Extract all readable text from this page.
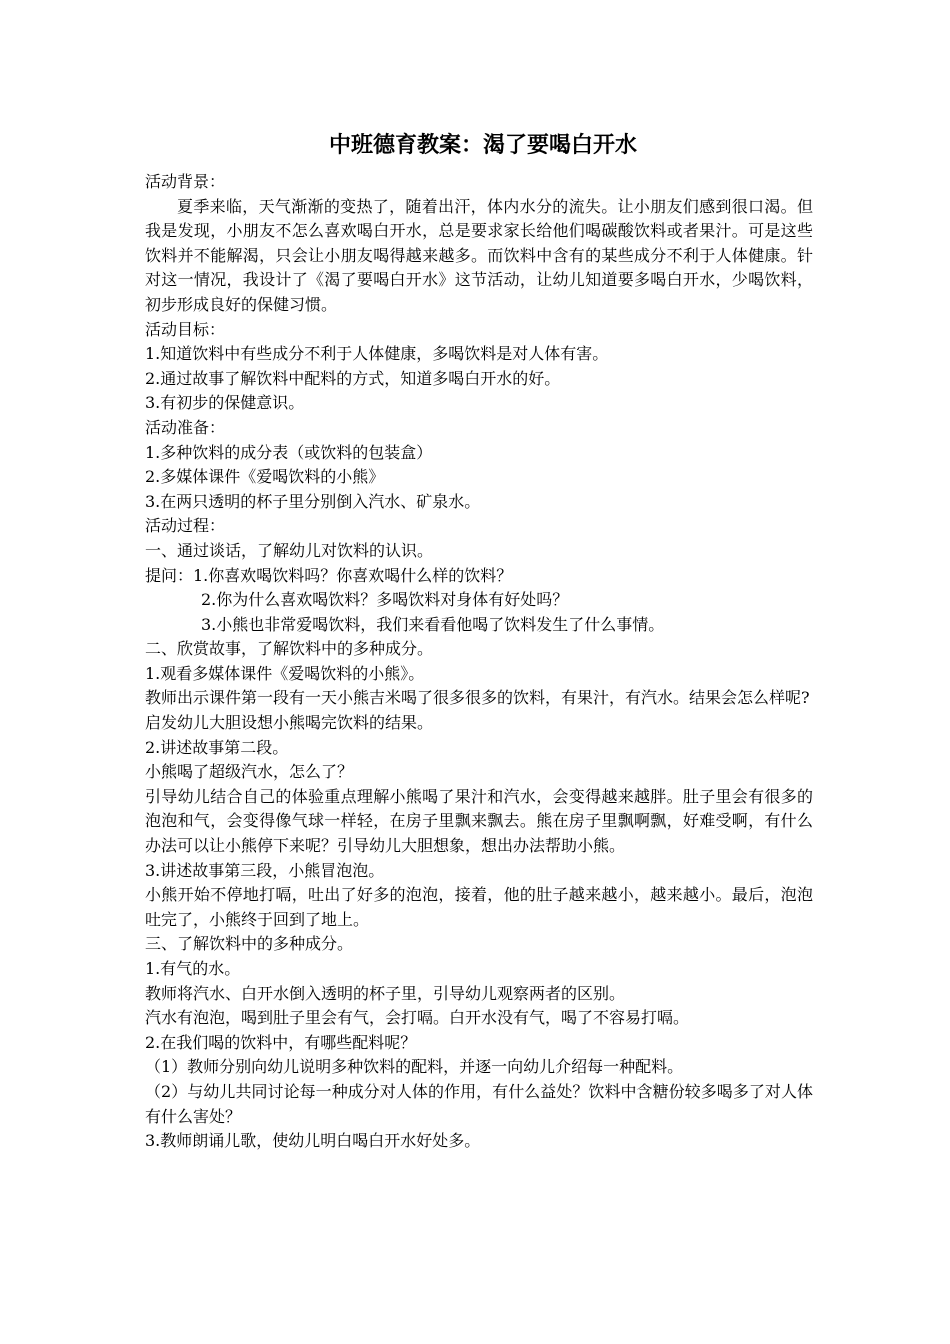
中班德育教案：渴了要喝白开水

活动背景：

夏季来临，天气渐渐的变热了，随着出汗，体内水分的流失。让小朋友们感到很口渴。但我是发现，小朋友不怎么喜欢喝白开水，总是要求家长给他们喝碳酸饮料或者果汁。可是这些饮料并不能解渴，只会让小朋友喝得越来越多。而饮料中含有的某些成分不利于人体健康。针对这一情况，我设计了《渴了要喝白开水》这节活动，让幼儿知道要多喝白开水，少喝饮料，初步形成良好的保健习惯。

活动目标：

1.知道饮料中有些成分不利于人体健康，多喝饮料是对人体有害。

2.通过故事了解饮料中配料的方式，知道多喝白开水的好。

3.有初步的保健意识。

活动准备：

1.多种饮料的成分表（或饮料的包装盒）

2.多媒体课件《爱喝饮料的小熊》

3.在两只透明的杯子里分别倒入汽水、矿泉水。

活动过程：

一、通过谈话，了解幼儿对饮料的认识。

提问：1.你喜欢喝饮料吗？你喜欢喝什么样的饮料？

2.你为什么喜欢喝饮料？多喝饮料对身体有好处吗？

3.小熊也非常爱喝饮料，我们来看看他喝了饮料发生了什么事情。

二、欣赏故事，了解饮料中的多种成分。

1.观看多媒体课件《爱喝饮料的小熊》。

教师出示课件第一段有一天小熊吉米喝了很多很多的饮料，有果汁，有汽水。结果会怎么样呢?

启发幼儿大胆设想小熊喝完饮料的结果。

2.讲述故事第二段。

小熊喝了超级汽水，怎么了？

引导幼儿结合自己的体验重点理解小熊喝了果汁和汽水，会变得越来越胖。肚子里会有很多的泡泡和气，会变得像气球一样轻，在房子里飘来飘去。熊在房子里飘啊飘，好难受啊，有什么办法可以让小熊停下来呢？引导幼儿大胆想象，想出办法帮助小熊。

3.讲述故事第三段，小熊冒泡泡。

小熊开始不停地打嗝，吐出了好多的泡泡，接着，他的肚子越来越小，越来越小。最后，泡泡吐完了，小熊终于回到了地上。

三、了解饮料中的多种成分。

1.有气的水。

教师将汽水、白开水倒入透明的杯子里，引导幼儿观察两者的区别。

汽水有泡泡，喝到肚子里会有气，会打嗝。白开水没有气，喝了不容易打嗝。

2.在我们喝的饮料中，有哪些配料呢？

（1）教师分别向幼儿说明多种饮料的配料，并逐一向幼儿介绍每一种配料。

（2）与幼儿共同讨论每一种成分对人体的作用，有什么益处？饮料中含糖份较多喝多了对人体有什么害处？

3.教师朗诵儿歌，使幼儿明白喝白开水好处多。
